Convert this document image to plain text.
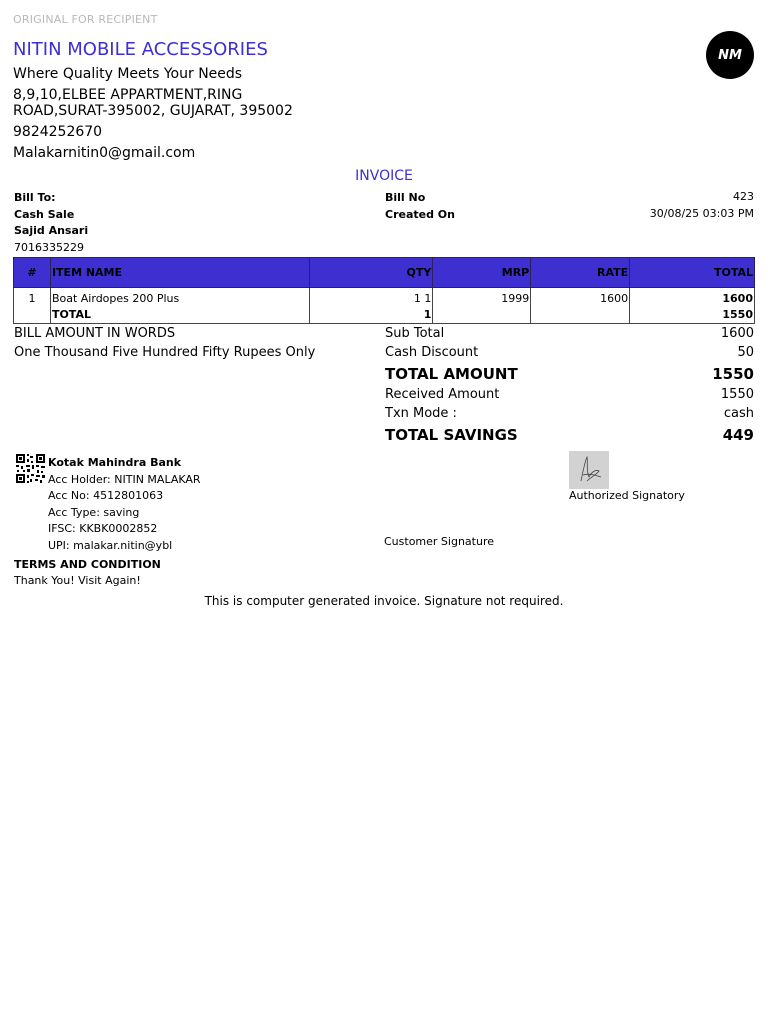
ORIGINAL FOR RECIPIENT
NITIN MOBILE ACCESSORIES
Where Quality Meets Your Needs
8,9,10,ELBEE APPARTMENT,RING ROAD,SURAT-395002, GUJARAT, 395002
9824252670
Malakarnitin0@gmail.com
NM
INVOICE
Bill To:
Cash Sale
Sajid Ansari
7016335229
Bill No	423
Created On	30/08/25 03:03 PM
#	ITEM NAME	QTY	MRP	RATE	TOTAL
1	Boat Airdopes 200 Plus	1 1	1999	1600	1600
	TOTAL	1			1550
BILL AMOUNT IN WORDS
One Thousand Five Hundred Fifty Rupees Only
Sub Total	1600
Cash Discount	50
TOTAL AMOUNT	1550
Received Amount	1550
Txn Mode :	cash
TOTAL SAVINGS	449
Kotak Mahindra Bank
Acc Holder: NITIN MALAKAR
Acc No: 4512801063
Acc Type: saving
IFSC: KKBK0002852
UPI: malakar.nitin@ybl
Authorized Signatory
Customer Signature
TERMS AND CONDITION
Thank You! Visit Again!
This is computer generated invoice. Signature not required.
